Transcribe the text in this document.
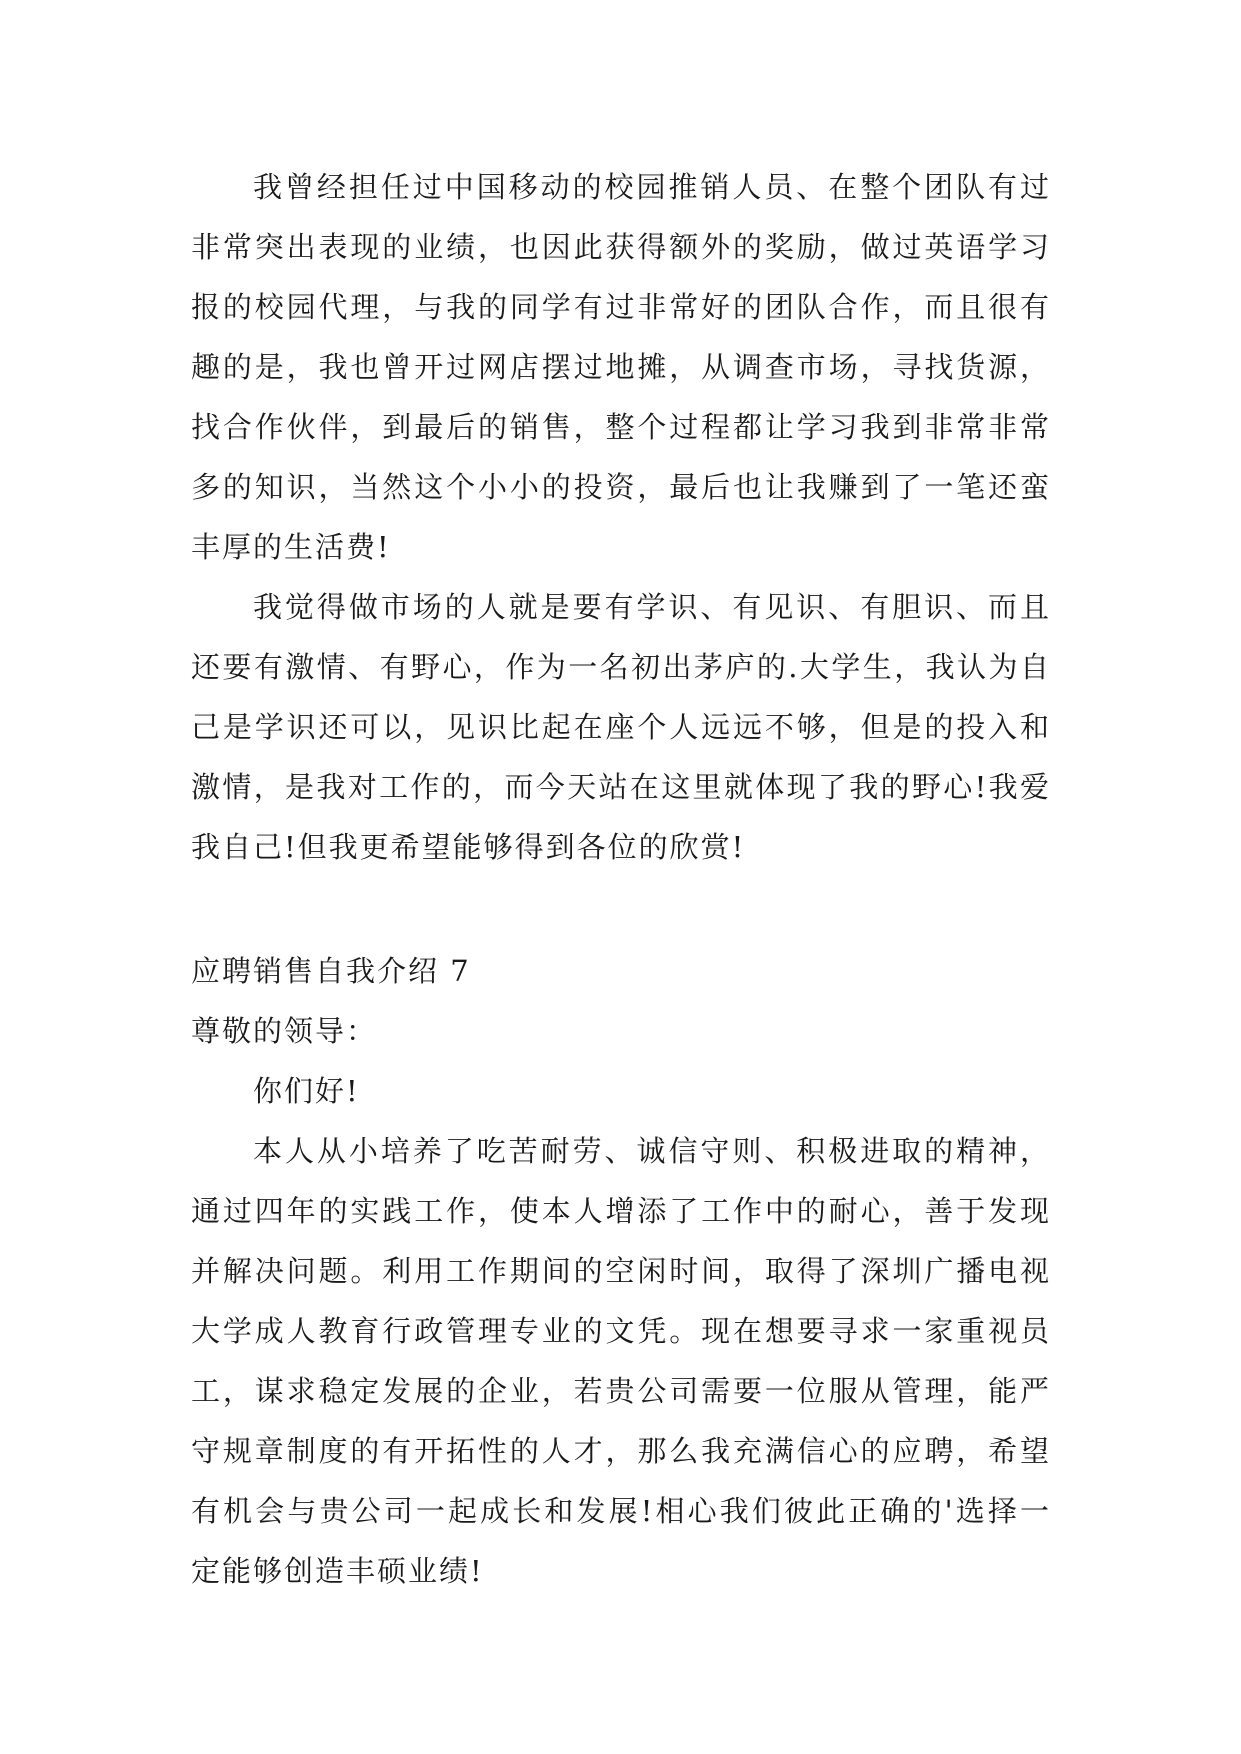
我曾经担任过中国移动的校园推销人员、在整个团队有过非常突出表现的业绩，也因此获得额外的奖励，做过英语学习报的校园代理，与我的同学有过非常好的团队合作，而且很有趣的是，我也曾开过网店摆过地摊，从调查市场，寻找货源，找合作伙伴，到最后的销售，整个过程都让学习我到非常非常多的知识，当然这个小小的投资，最后也让我赚到了一笔还蛮丰厚的生活费!

我觉得做市场的人就是要有学识、有见识、有胆识、而且还要有激情、有野心，作为一名初出茅庐的.大学生，我认为自己是学识还可以，见识比起在座个人远远不够，但是的投入和激情，是我对工作的，而今天站在这里就体现了我的野心!我爱我自己!但我更希望能够得到各位的欣赏!

应聘销售自我介绍 7

尊敬的领导：

你们好!

本人从小培养了吃苦耐劳、诚信守则、积极进取的精神，通过四年的实践工作，使本人增添了工作中的耐心，善于发现并解决问题。利用工作期间的空闲时间，取得了深圳广播电视大学成人教育行政管理专业的文凭。现在想要寻求一家重视员工，谋求稳定发展的企业，若贵公司需要一位服从管理，能严守规章制度的有开拓性的人才，那么我充满信心的应聘，希望有机会与贵公司一起成长和发展!相心我们彼此正确的'选择一定能够创造丰硕业绩!
